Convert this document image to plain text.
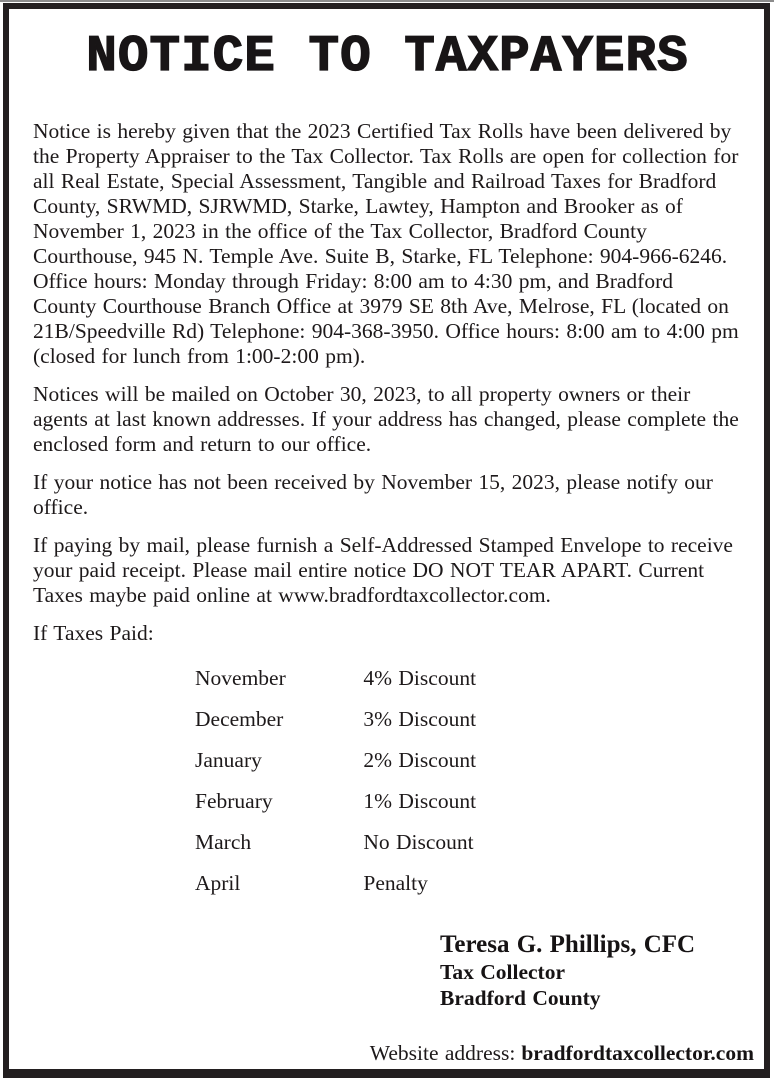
NOTICE TO TAXPAYERS

Notice is hereby given that the 2023 Certified Tax Rolls have been delivered by the Property Appraiser to the Tax Collector. Tax Rolls are open for collection for all Real Estate, Special Assessment, Tangible and Railroad Taxes for Bradford County, SRWMD, SJRWMD, Starke, Lawtey, Hampton and Brooker as of November 1, 2023 in the office of the Tax Collector, Bradford County Courthouse, 945 N. Temple Ave. Suite B, Starke, FL Telephone: 904-966-6246. Office hours: Monday through Friday: 8:00 am to 4:30 pm, and Bradford County Courthouse Branch Office at 3979 SE 8th Ave, Melrose, FL (located on 21B/Speedville Rd) Telephone: 904-368-3950. Office hours: 8:00 am to 4:00 pm (closed for lunch from 1:00-2:00 pm).

Notices will be mailed on October 30, 2023, to all property owners or their agents at last known addresses. If your address has changed, please complete the enclosed form and return to our office.

If your notice has not been received by November 15, 2023, please notify our office.

If paying by mail, please furnish a Self-Addressed Stamped Envelope to receive your paid receipt. Please mail entire notice DO NOT TEAR APART. Current Taxes maybe paid online at www.bradfordtaxcollector.com.

If Taxes Paid:

November	4% Discount
December	3% Discount
January	2% Discount
February	1% Discount
March	No Discount
April	Penalty
Teresa G. Phillips, CFC
Tax Collector
Bradford County
Website address: bradfordtaxcollector.com
